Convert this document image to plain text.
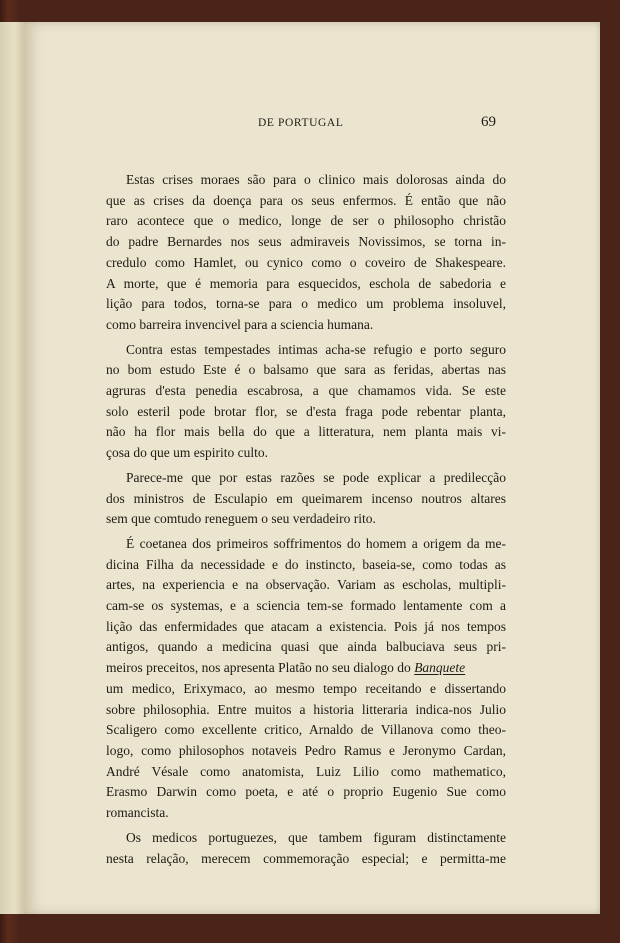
DE PORTUGAL	69
Estas crises moraes são para o clinico mais dolorosas ainda do
que as crises da doença para os seus enfermos. É então que não
raro acontece que o medico, longe de ser o philosopho christão
do padre Bernardes nos seus admiraveis Novissimos, se torna in-
credulo como Hamlet, ou cynico como o coveiro de Shakespeare.
A morte, que é memoria para esquecidos, eschola de sabedoria e
lição para todos, torna-se para o medico um problema insoluvel,
como barreira invencivel para a sciencia humana.
Contra estas tempestades intimas acha-se refugio e porto seguro
no bom estudo Este é o balsamo que sara as feridas, abertas nas
agruras d'esta penedia escabrosa, a que chamamos vida. Se este
solo esteril pode brotar flor, se d'esta fraga pode rebentar planta,
não ha flor mais bella do que a litteratura, nem planta mais vi-
çosa do que um espirito culto.
Parece-me que por estas razões se pode explicar a predilecção
dos ministros de Esculapio em queimarem incenso noutros altares
sem que comtudo reneguem o seu verdadeiro rito.
É coetanea dos primeiros soffrimentos do homem a origem da me-
dicina Filha da necessidade e do instincto, baseia-se, como todas as
artes, na experiencia e na observação. Variam as escholas, multipli-
cam-se os systemas, e a sciencia tem-se formado lentamente com a
lição das enfermidades que atacam a existencia. Pois já nos tempos
antigos, quando a medicina quasi que ainda balbuciava seus pri-
meiros preceitos, nos apresenta Platão no seu dialogo do Banquete
um medico, Erixymaco, ao mesmo tempo receitando e dissertando
sobre philosophia. Entre muitos a historia litteraria indica-nos Julio
Scaligero como excellente critico, Arnaldo de Villanova como theo-
logo, como philosophos notaveis Pedro Ramus e Jeronymo Cardan,
André Vésale como anatomista, Luiz Lilio como mathematico,
Erasmo Darwin como poeta, e até o proprio Eugenio Sue como
romancista.
Os medicos portuguezes, que tambem figuram distinctamente
nesta relação, merecem commemoração especial; e permitta-me
